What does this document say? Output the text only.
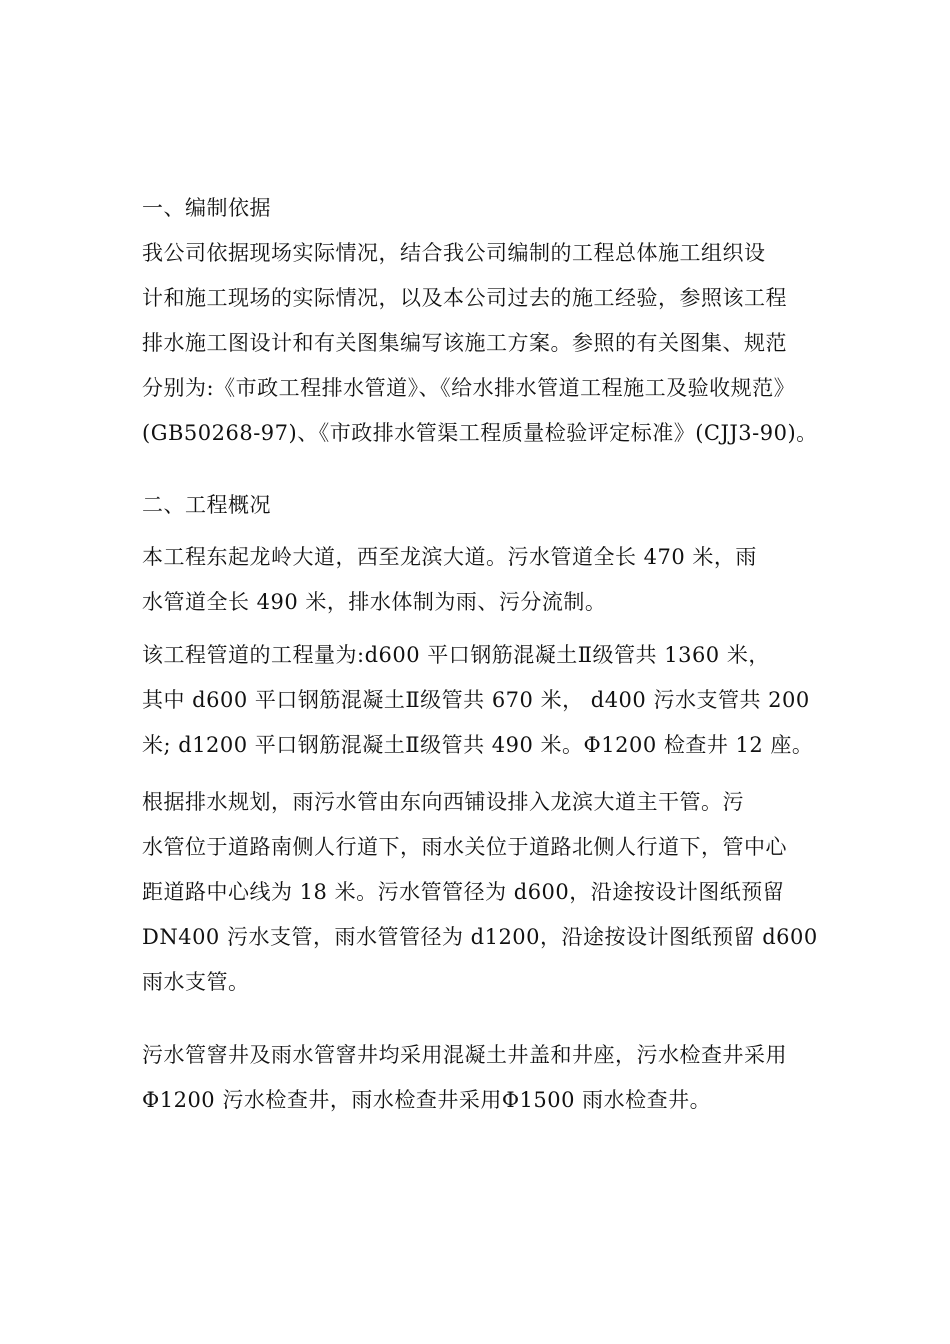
一、编制依据
我公司依据现场实际情况，结合我公司编制的工程总体施工组织设
计和施工现场的实际情况，以及本公司过去的施工经验，参照该工程
排水施工图设计和有关图集编写该施工方案。参照的有关图集、规范
分别为:《市政工程排水管道》、《给水排水管道工程施工及验收规范》
(GB50268-97)、《市政排水管渠工程质量检验评定标准》(CJJ3-90)。
二、工程概况
本工程东起龙岭大道，西至龙滨大道。污水管道全长 470 米，雨
水管道全长 490 米，排水体制为雨、污分流制。
该工程管道的工程量为:d600 平口钢筋混凝土Ⅱ级管共 1360 米，
其中 d600 平口钢筋混凝土Ⅱ级管共 670 米， d400 污水支管共 200
米; d1200 平口钢筋混凝土Ⅱ级管共 490 米。Φ1200 检查井 12 座。
根据排水规划，雨污水管由东向西铺设排入龙滨大道主干管。污
水管位于道路南侧人行道下，雨水关位于道路北侧人行道下，管中心
距道路中心线为 18 米。污水管管径为 d600，沿途按设计图纸预留
DN400 污水支管，雨水管管径为 d1200，沿途按设计图纸预留 d600
雨水支管。
污水管窨井及雨水管窨井均采用混凝土井盖和井座，污水检查井采用
Φ1200 污水检查井，雨水检查井采用Φ1500 雨水检查井。
